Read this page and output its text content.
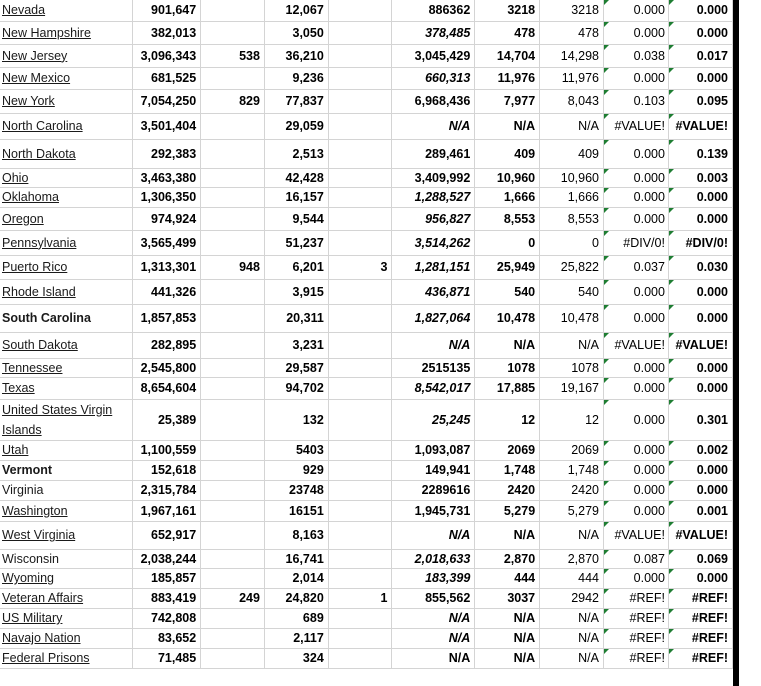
Nevada	901,647		12,067		886362	3218	3218	0.000	0.000
New Hampshire	382,013		3,050		378,485	478	478	0.000	0.000
New Jersey	3,096,343	538	36,210		3,045,429	14,704	14,298	0.038	0.017
New Mexico	681,525		9,236		660,313	11,976	11,976	0.000	0.000
New York	7,054,250	829	77,837		6,968,436	7,977	8,043	0.103	0.095
North Carolina	3,501,404		29,059		N/A	N/A	N/A	#VALUE!	#VALUE!
North Dakota	292,383		2,513		289,461	409	409	0.000	0.139
Ohio	3,463,380		42,428		3,409,992	10,960	10,960	0.000	0.003
Oklahoma	1,306,350		16,157		1,288,527	1,666	1,666	0.000	0.000
Oregon	974,924		9,544		956,827	8,553	8,553	0.000	0.000
Pennsylvania	3,565,499		51,237		3,514,262	0	0	#DIV/0!	#DIV/0!
Puerto Rico	1,313,301	948	6,201	3	1,281,151	25,949	25,822	0.037	0.030
Rhode Island	441,326		3,915		436,871	540	540	0.000	0.000
South Carolina	1,857,853		20,311		1,827,064	10,478	10,478	0.000	0.000
South Dakota	282,895		3,231		N/A	N/A	N/A	#VALUE!	#VALUE!
Tennessee	2,545,800		29,587		2515135	1078	1078	0.000	0.000
Texas	8,654,604		94,702		8,542,017	17,885	19,167	0.000	0.000
United States Virgin Islands	25,389		132		25,245	12	12	0.000	0.301
Utah	1,100,559		5403		1,093,087	2069	2069	0.000	0.002
Vermont	152,618		929		149,941	1,748	1,748	0.000	0.000
Virginia	2,315,784		23748		2289616	2420	2420	0.000	0.000
Washington	1,967,161		16151		1,945,731	5,279	5,279	0.000	0.001
West Virginia	652,917		8,163		N/A	N/A	N/A	#VALUE!	#VALUE!
Wisconsin	2,038,244		16,741		2,018,633	2,870	2,870	0.087	0.069
Wyoming	185,857		2,014		183,399	444	444	0.000	0.000
Veteran Affairs	883,419	249	24,820	1	855,562	3037	2942	#REF!	#REF!
US Military	742,808		689		N/A	N/A	N/A	#REF!	#REF!
Navajo Nation	83,652		2,117		N/A	N/A	N/A	#REF!	#REF!
Federal Prisons	71,485		324		N/A	N/A	N/A	#REF!	#REF!
